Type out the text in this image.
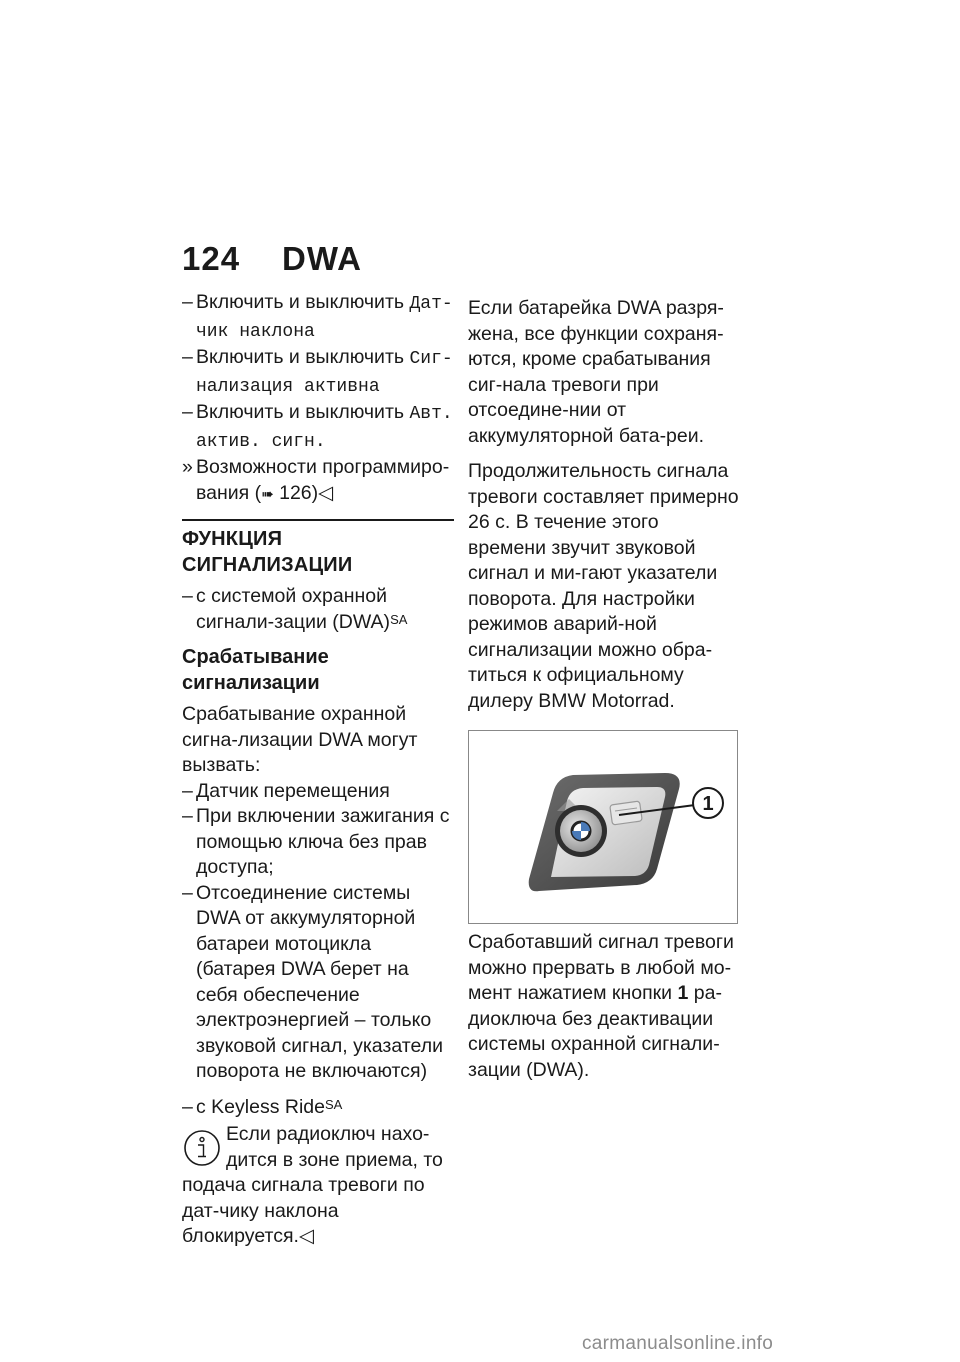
124 DWA
– Включить и выключить Дат-
чик наклона
– Включить и выключить Сиг-
нализация активна
– Включить и выключить Авт.
актив. сигн.
» Возможности программиро-вания (➠ 126)◁
ФУНКЦИЯ СИГНАЛИЗАЦИИ
– с системой охранной сигнали-зации (DWA)$^{SA}$
Срабатывание сигнализации

Срабатывание охранной сигна-лизации DWA могут вызвать:

– Датчик перемещения
– При включении зажигания с помощью ключа без прав доступа;
– Отсоединение системы DWA от аккумуляторной батареи мотоцикла (батарея DWA берет на себя обеспечение электроэнергией – только звуковой сигнал, указатели поворота не включаются)
– с Keyless Ride$^{SA}$
Если радиоключ нахо-
дится в зоне приема, то
подача сигнала тревоги по дат-чику наклона блокируется.◁

Если батарейка DWA разря-жена, все функции сохраня-ются, кроме срабатывания сиг-нала тревоги при отсоедине-нии от аккумуляторной бата-реи.

Продолжительность сигнала тревоги составляет примерно 26 с. В течение этого времени звучит звуковой сигнал и ми-гают указатели поворота. Для настройки режимов аварий-ной сигнализации можно обра-титься к официальному дилеру BMW Motorrad.

1

Сработавший сигнал тревоги можно прервать в любой мо-мент нажатием кнопки 1 ра-диоключа без деактивации системы охранной сигнали-зации (DWA).

carmanualsonline.info
